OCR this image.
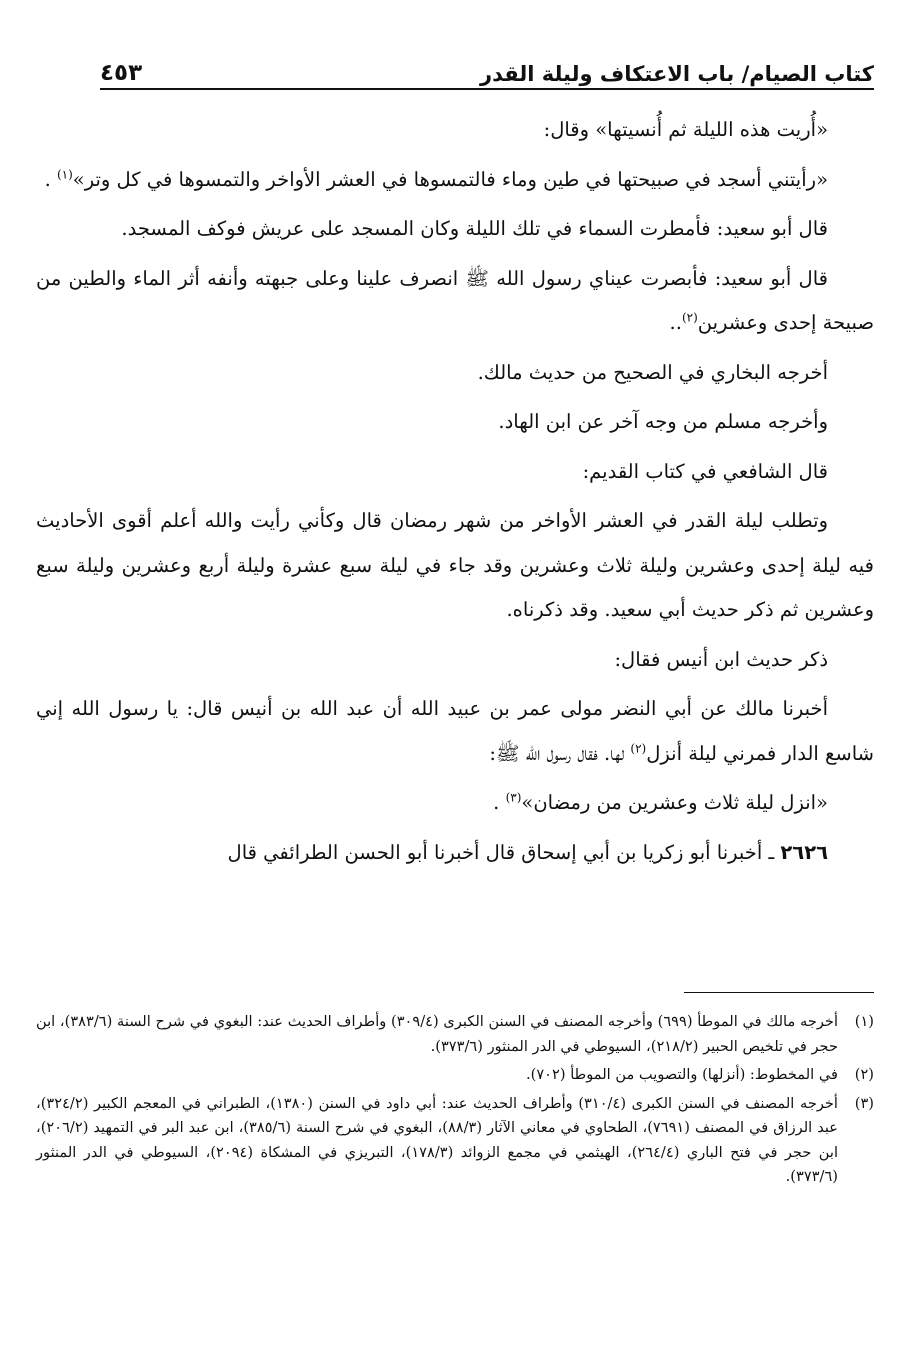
كتاب الصيام/ باب الاعتكاف وليلة القدر
٤٥٣

«أُريت هذه الليلة ثم أُنسيتها» وقال:

«رأيتني أسجد في صبيحتها في طين وماء فالتمسوها في العشر الأواخر والتمسوها في كل وتر»$^{(١)}$ .

قال أبو سعيد: فأمطرت السماء في تلك الليلة وكان المسجد على عريش فوكف المسجد.

قال أبو سعيد: فأبصرت عيناي رسول الله ﷺ انصرف علينا وعلى جبهته وأنفه أثر الماء والطين من صبيحة إحدى وعشرين$^{(٢)}$..

أخرجه البخاري في الصحيح من حديث مالك.

وأخرجه مسلم من وجه آخر عن ابن الهاد.

قال الشافعي في كتاب القديم:

وتطلب ليلة القدر في العشر الأواخر من شهر رمضان قال وكأني رأيت والله أعلم أقوى الأحاديث فيه ليلة إحدى وعشرين وليلة ثلاث وعشرين وقد جاء في ليلة سبع عشرة وليلة أربع وعشرين وليلة سبع وعشرين ثم ذكر حديث أبي سعيد. وقد ذكرناه.

ذكر حديث ابن أنيس فقال:

أخبرنا مالك عن أبي النضر مولى عمر بن عبيد الله أن عبد الله بن أنيس قال: يا رسول الله إني شاسع الدار فمرني ليلة أنزل$^{(٢)}$ لها. فقال رسول الله ﷺ:

«انزل ليلة ثلاث وعشرين من رمضان»$^{(٣)}$ .

٢٦٢٦ ـ أخبرنا أبو زكريا بن أبي إسحاق قال أخبرنا أبو الحسن الطرائفي قال

(١)
أخرجه مالك في الموطأ (٦٩٩) وأخرجه المصنف في السنن الكبرى (٣٠٩/٤) وأطراف الحديث عند: البغوي في شرح السنة (٣٨٣/٦)، ابن حجر في تلخيص الحبير (٢١٨/٢)، السيوطي في الدر المنثور (٣٧٣/٦).
(٢)
في المخطوط: (أنزلها) والتصويب من الموطأ (٧٠٢).
(٣)
أخرجه المصنف في السنن الكبرى (٣١٠/٤) وأطراف الحديث عند: أبي داود في السنن (١٣٨٠)، الطبراني في المعجم الكبير (٣٢٤/٢)، عبد الرزاق في المصنف (٧٦٩١)، الطحاوي في معاني الآثار (٨٨/٣)، البغوي في شرح السنة (٣٨٥/٦)، ابن عبد البر في التمهيد (٢٠٦/٢)، ابن حجر في فتح الباري (٢٦٤/٤)، الهيثمي في مجمع الزوائد (١٧٨/٣)، التبريزي في المشكاة (٢٠٩٤)، السيوطي في الدر المنثور (٣٧٣/٦).
